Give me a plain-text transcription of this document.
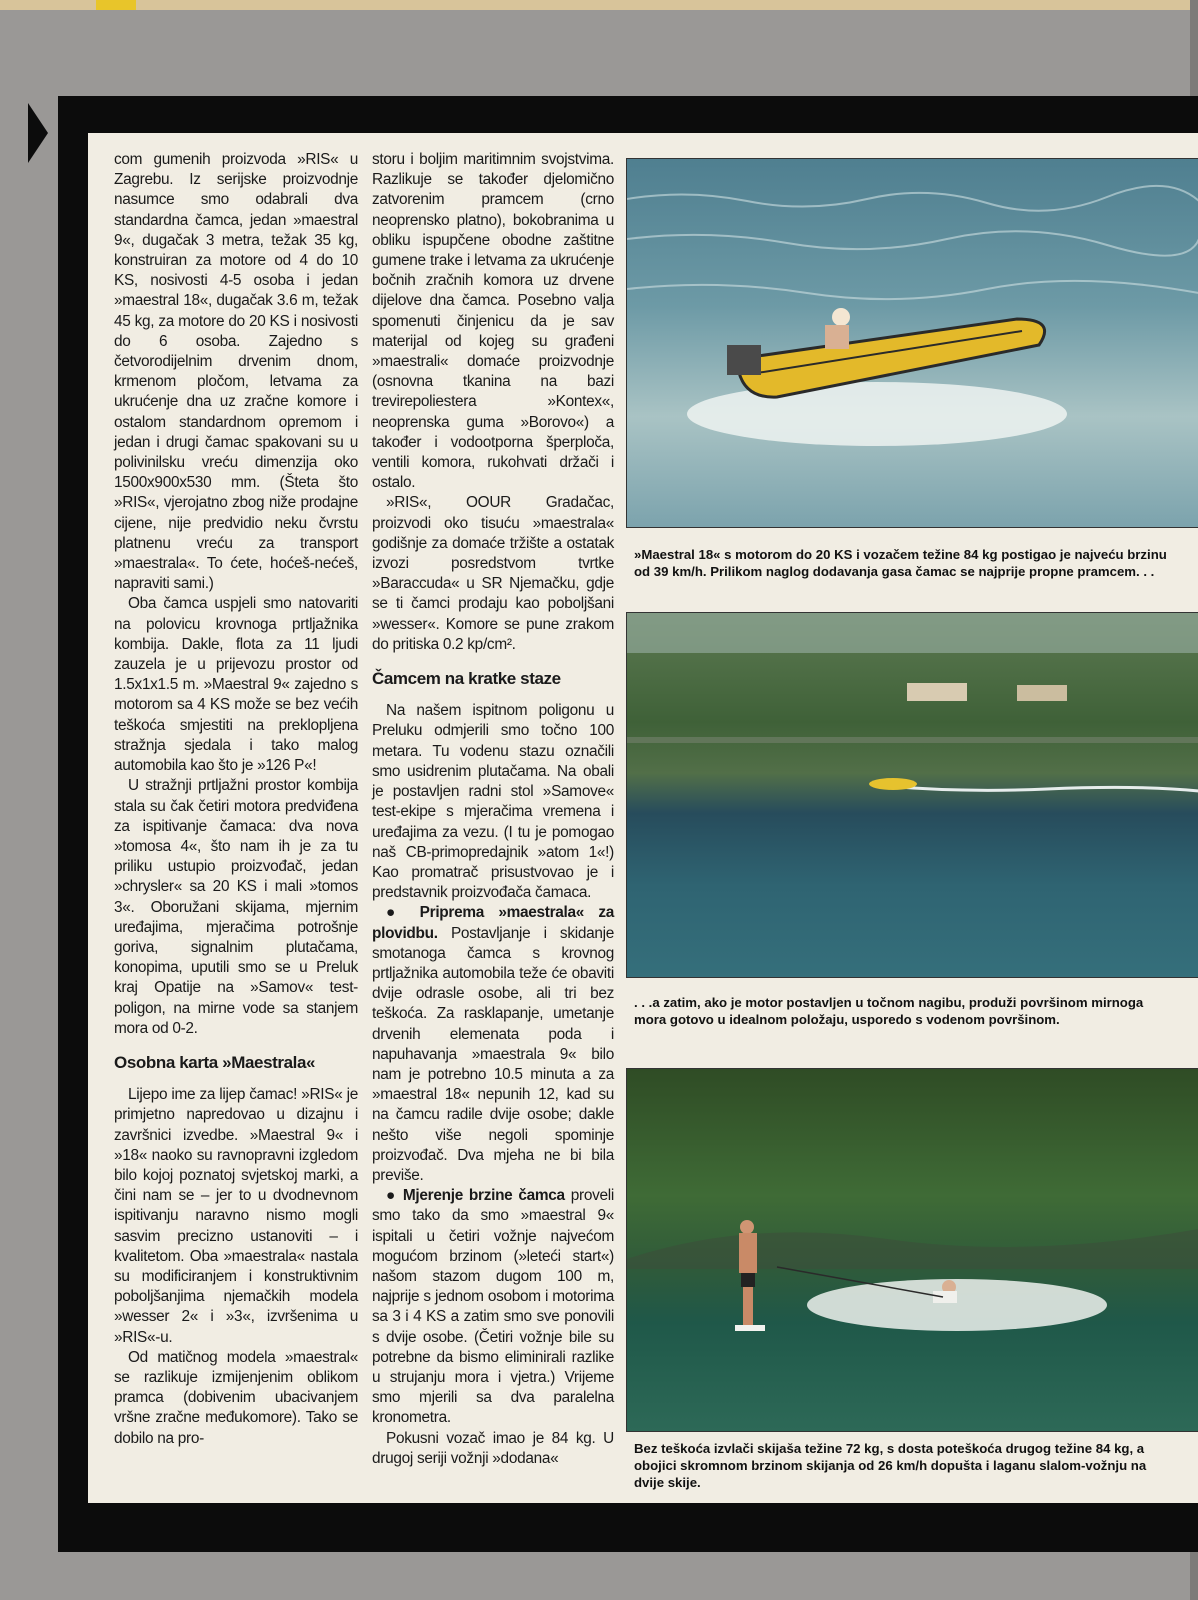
com gumenih proizvoda »RIS« u Zagrebu. Iz serijske proizvodnje nasumce smo odabrali dva standardna čamca, jedan »maestral 9«, dugačak 3 metra, težak 35 kg, konstruiran za motore od 4 do 10 KS, nosivosti 4-5 osoba i jedan »maestral 18«, dugačak 3.6 m, težak 45 kg, za motore do 20 KS i nosivosti do 6 osoba. Zajedno s četvorodijelnim drvenim dnom, krmenom pločom, letvama za ukrućenje dna uz zračne komore i ostalom standardnom opremom i jedan i drugi čamac spakovani su u polivinilsku vreću dimenzija oko 1500x900x530 mm. (Šteta što »RIS«, vjerojatno zbog niže prodajne cijene, nije predvidio neku čvrstu platnenu vreću za transport »maestrala«. To ćete, hoćeš-nećeš, napraviti sami.)

Oba čamca uspjeli smo natovariti na polovicu krovnoga prtljažnika kombija. Dakle, flota za 11 ljudi zauzela je u prijevozu prostor od 1.5x1x1.5 m. »Maestral 9« zajedno s motorom sa 4 KS može se bez većih teškoća smjestiti na preklopljena stražnja sjedala i tako malog automobila kao što je »126 P«!

U stražnji prtljažni prostor kombija stala su čak četiri motora predviđena za ispitivanje čamaca: dva nova »tomosa 4«, što nam ih je za tu priliku ustupio proizvođač, jedan »chrysler« sa 20 KS i mali »tomos 3«. Oboružani skijama, mjernim uređajima, mjeračima potrošnje goriva, signalnim plutačama, konopima, uputili smo se u Preluk kraj Opatije na »Samov« test-poligon, na mirne vode sa stanjem mora od 0-2.

Osobna karta »Maestrala«

Lijepo ime za lijep čamac! »RIS« je primjetno napredovao u dizajnu i završnici izvedbe. »Maestral 9« i »18« naoko su ravnopravni izgledom bilo kojoj poznatoj svjetskoj marki, a čini nam se – jer to u dvodnevnom ispitivanju naravno nismo mogli sasvim precizno ustanoviti – i kvalitetom. Oba »maestrala« nastala su modificiranjem i konstruktivnim poboljšanjima njemačkih modela »wesser 2« i »3«, izvršenima u »RIS«-u.

Od matičnog modela »maestral« se razlikuje izmijenjenim oblikom pramca (dobivenim ubacivanjem vršne zračne međukomore). Tako se dobilo na pro-

storu i boljim maritimnim svojstvima. Razlikuje se također djelomično zatvorenim pramcem (crno neoprensko platno), bokobranima u obliku ispupčene obodne zaštitne gumene trake i letvama za ukrućenje bočnih zračnih komora uz drvene dijelove dna čamca. Posebno valja spomenuti činjenicu da je sav materijal od kojeg su građeni »maestrali« domaće proizvodnje (osnovna tkanina na bazi trevirepoliestera »Kontex«, neoprenska guma »Borovo«) a također i vodootporna šperploča, ventili komora, rukohvati držači i ostalo.

»RIS«, OOUR Gradačac, proizvodi oko tisuću »maestrala« godišnje za domaće tržište a ostatak izvozi posredstvom tvrtke »Baraccuda« u SR Njemačku, gdje se ti čamci prodaju kao poboljšani »wesser«. Komore se pune zrakom do pritiska 0.2 kp/cm².

Čamcem na kratke staze

Na našem ispitnom poligonu u Preluku odmjerili smo točno 100 metara. Tu vodenu stazu označili smo usidrenim plutačama. Na obali je postavljen radni stol »Samove« test-ekipe s mjeračima vremena i uređajima za vezu. (I tu je pomogao naš CB-primopredajnik »atom 1«!) Kao promatrač prisustvovao je i predstavnik proizvođača čamaca.

● Priprema »maestrala« za plovidbu. Postavljanje i skidanje smotanoga čamca s krovnog prtljažnika automobila teže će obaviti dvije odrasle osobe, ali tri bez teškoća. Za rasklapanje, umetanje drvenih elemenata poda i napuhavanja »maestrala 9« bilo nam je potrebno 10.5 minuta a za »maestral 18« nepunih 12, kad su na čamcu radile dvije osobe; dakle nešto više negoli spominje proizvođač. Dva mjeha ne bi bila previše.

● Mjerenje brzine čamca proveli smo tako da smo »maestral 9« ispitali u četiri vožnje najvećom mogućom brzinom (»leteći start«) našom stazom dugom 100 m, najprije s jednom osobom i motorima sa 3 i 4 KS a zatim smo sve ponovili s dvije osobe. (Četiri vožnje bile su potrebne da bismo eliminirali razlike u strujanju mora i vjetra.) Vrijeme smo mjerili sa dva paralelna kronometra.

Pokusni vozač imao je 84 kg. U drugoj seriji vožnji »dodana«

»Maestral 18« s motorom do 20 KS i vozačem težine 84 kg postigao je najveću brzinu od 39 km/h. Prilikom naglog dodavanja gasa čamac se najprije propne pramcem. . .
. . .a zatim, ako je motor postavljen u točnom nagibu, produži površinom mirnoga mora gotovo u idealnom položaju, usporedo s vodenom površinom.
Bez teškoća izvlači skijaša težine 72 kg, s dosta poteškoća drugog težine 84 kg, a obojici skromnom brzinom skijanja od 26 km/h dopušta i laganu slalom-vožnju na dvije skije.
